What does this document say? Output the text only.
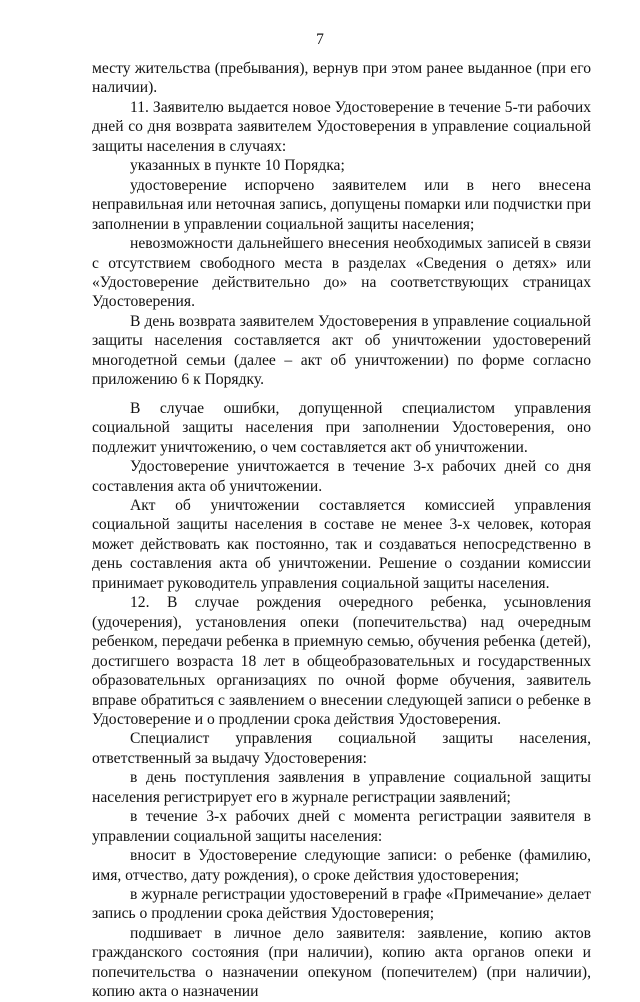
7

месту жительства (пребывания), вернув при этом ранее выданное (при его наличии).

11. Заявителю выдается новое Удостоверение в течение 5-ти рабочих дней со дня возврата заявителем Удостоверения в управление социальной защиты населения в случаях:

указанных в пункте 10 Порядка;

удостоверение испорчено заявителем или в него внесена неправильная или неточная запись, допущены помарки или подчистки при заполнении в управлении социальной защиты населения;

невозможности дальнейшего внесения необходимых записей в связи с отсутствием свободного места в разделах «Сведения о детях» или «Удостоверение действительно до» на соответствующих страницах Удостоверения.

В день возврата заявителем Удостоверения в управление социальной защиты населения составляется акт об уничтожении удостоверений многодетной семьи (далее – акт об уничтожении) по форме согласно приложению 6 к Порядку.

В случае ошибки, допущенной специалистом управления социальной защиты населения при заполнении Удостоверения, оно подлежит уничтожению, о чем составляется акт об уничтожении.

Удостоверение уничтожается в течение 3-х рабочих дней со дня составления акта об уничтожении.

Акт об уничтожении составляется комиссией управления социальной защиты населения в составе не менее 3-х человек, которая может действовать как постоянно, так и создаваться непосредственно в день составления акта об уничтожении. Решение о создании комиссии принимает руководитель управления социальной защиты населения.

12. В случае рождения очередного ребенка, усыновления (удочерения), установления опеки (попечительства) над очередным ребенком, передачи ребенка в приемную семью, обучения ребенка (детей), достигшего возраста 18 лет в общеобразовательных и государственных образовательных организациях по очной форме обучения, заявитель вправе обратиться с заявлением о внесении следующей записи о ребенке в Удостоверение и о продлении срока действия Удостоверения.

Специалист управления социальной защиты населения, ответственный за выдачу Удостоверения:

в день поступления заявления в управление социальной защиты населения регистрирует его в журнале регистрации заявлений;

в течение 3-х рабочих дней с момента регистрации заявителя в управлении социальной защиты населения:

вносит в Удостоверение следующие записи: о ребенке (фамилию, имя, отчество, дату рождения), о сроке действия удостоверения;

в журнале регистрации удостоверений в графе «Примечание» делает запись о продлении срока действия Удостоверения;

подшивает в личное дело заявителя: заявление, копию актов гражданского состояния (при наличии), копию акта органов опеки и попечительства о назначении опекуном (попечителем) (при наличии), копию акта о назначении
